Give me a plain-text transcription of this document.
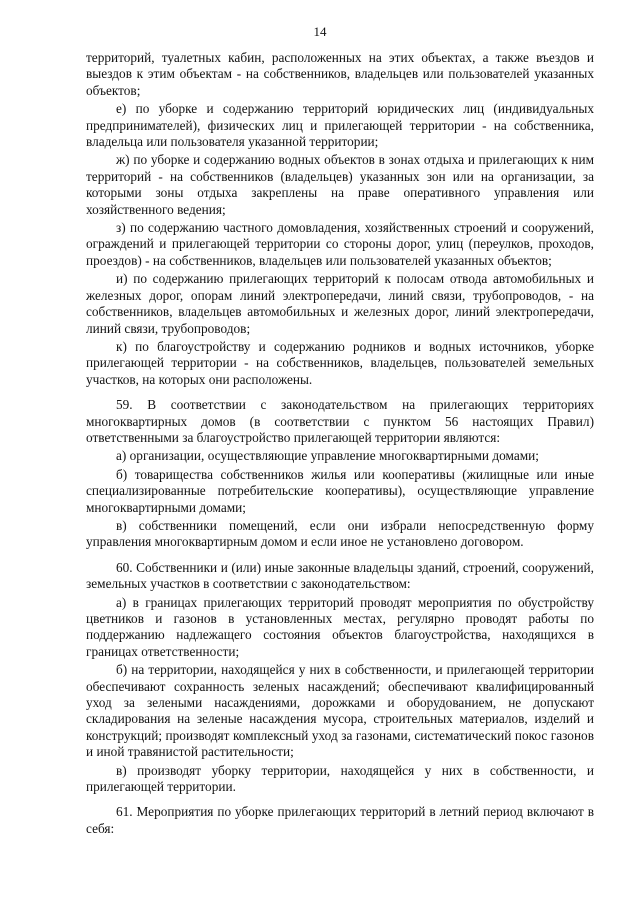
14

территорий, туалетных кабин, расположенных на этих объектах, а также въездов и выездов к этим объектам - на собственников, владельцев или пользователей указанных объектов;

е) по уборке и содержанию территорий юридических лиц (индивидуальных предпринимателей), физических лиц и прилегающей территории - на собственника, владельца или пользователя указанной территории;

ж) по уборке и содержанию водных объектов в зонах отдыха и прилегающих к ним территорий - на собственников (владельцев) указанных зон или на организации, за которыми зоны отдыха закреплены на праве оперативного управления или хозяйственного ведения;

з) по содержанию частного домовладения, хозяйственных строений и сооружений, ограждений и прилегающей территории со стороны дорог, улиц (переулков, проходов, проездов) - на собственников, владельцев или пользователей указанных объектов;

и) по содержанию прилегающих территорий к полосам отвода автомобильных и железных дорог, опорам линий электропередачи, линий связи, трубопроводов, - на собственников, владельцев автомобильных и железных дорог, линий электропередачи, линий связи, трубопроводов;

к) по благоустройству и содержанию родников и водных источников, уборке прилегающей территории - на собственников, владельцев, пользователей земельных участков, на которых они расположены.

59. В соответствии с законодательством на прилегающих территориях многоквартирных домов (в соответствии с пунктом 56 настоящих Правил) ответственными за благоустройство прилегающей территории являются:

а) организации, осуществляющие управление многоквартирными домами;

б) товарищества собственников жилья или кооперативы (жилищные или иные специализированные потребительские кооперативы), осуществляющие управление многоквартирными домами;

в) собственники помещений, если они избрали непосредственную форму управления многоквартирным домом и если иное не установлено договором.

60. Собственники и (или) иные законные владельцы зданий, строений, сооружений, земельных участков в соответствии с законодательством:

а) в границах прилегающих территорий проводят мероприятия по обустройству цветников и газонов в установленных местах, регулярно проводят работы по поддержанию надлежащего состояния объектов благоустройства, находящихся в границах ответственности;

б) на территории, находящейся у них в собственности, и прилегающей территории обеспечивают сохранность зеленых насаждений; обеспечивают квалифицированный уход за зелеными насаждениями, дорожками и оборудованием, не допускают складирования на зеленые насаждения мусора, строительных материалов, изделий и конструкций; производят комплексный уход за газонами, систематический покос газонов и иной травянистой растительности;

в) производят уборку территории, находящейся у них в собственности, и прилегающей территории.

61. Мероприятия по уборке прилегающих территорий в летний период включают в себя:
